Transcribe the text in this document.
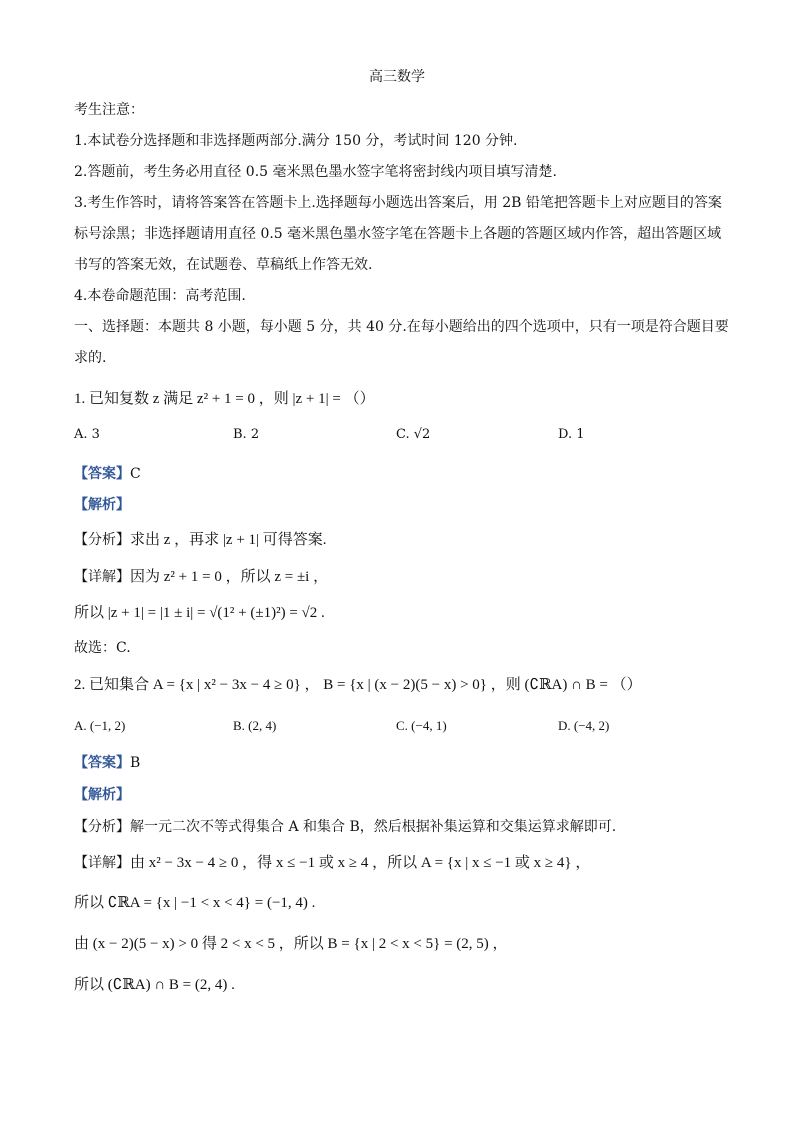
高三数学
考生注意：
1.本试卷分选择题和非选择题两部分.满分 150 分，考试时间 120 分钟.
2.答题前，考生务必用直径 0.5 毫米黑色墨水签字笔将密封线内项目填写清楚.
3.考生作答时，请将答案答在答题卡上.选择题每小题选出答案后，用 2B 铅笔把答题卡上对应题目的答案
标号涂黑；非选择题请用直径 0.5 毫米黑色墨水签字笔在答题卡上各题的答题区域内作答，超出答题区域
书写的答案无效，在试题卷、草稿纸上作答无效.
4.本卷命题范围：高考范围.
一、选择题：本题共 8 小题，每小题 5 分，共 40 分.在每小题给出的四个选项中，只有一项是符合题目要
求的.
1. 已知复数 z 满足 z² + 1 = 0 ，则 |z + 1| = （）
A. 3	B. 2	C. √2	D. 1
【答案】C
【解析】
【分析】求出 z ，再求 |z + 1| 可得答案.
【详解】因为 z² + 1 = 0 ，所以 z = ±i ，
所以 |z + 1| = |1 ± i| = √(1² + (±1)²) = √2 .
故选：C.
2. 已知集合 A = {x | x² − 3x − 4 ≥ 0} ， B = {x | (x − 2)(5 − x) > 0} ，则 (∁ℝA) ∩ B = （）
A. (−1, 2)	B. (2, 4)	C. (−4, 1)	D. (−4, 2)
【答案】B
【解析】
【分析】解一元二次不等式得集合 A 和集合 B，然后根据补集运算和交集运算求解即可.
【详解】由 x² − 3x − 4 ≥ 0 ，得 x ≤ −1 或 x ≥ 4 ，所以 A = {x | x ≤ −1 或 x ≥ 4} ，
所以 ∁ℝA = {x | −1 < x < 4} = (−1, 4) .
由 (x − 2)(5 − x) > 0 得 2 < x < 5 ，所以 B = {x | 2 < x < 5} = (2, 5) ，
所以 (∁ℝA) ∩ B = (2, 4) .
